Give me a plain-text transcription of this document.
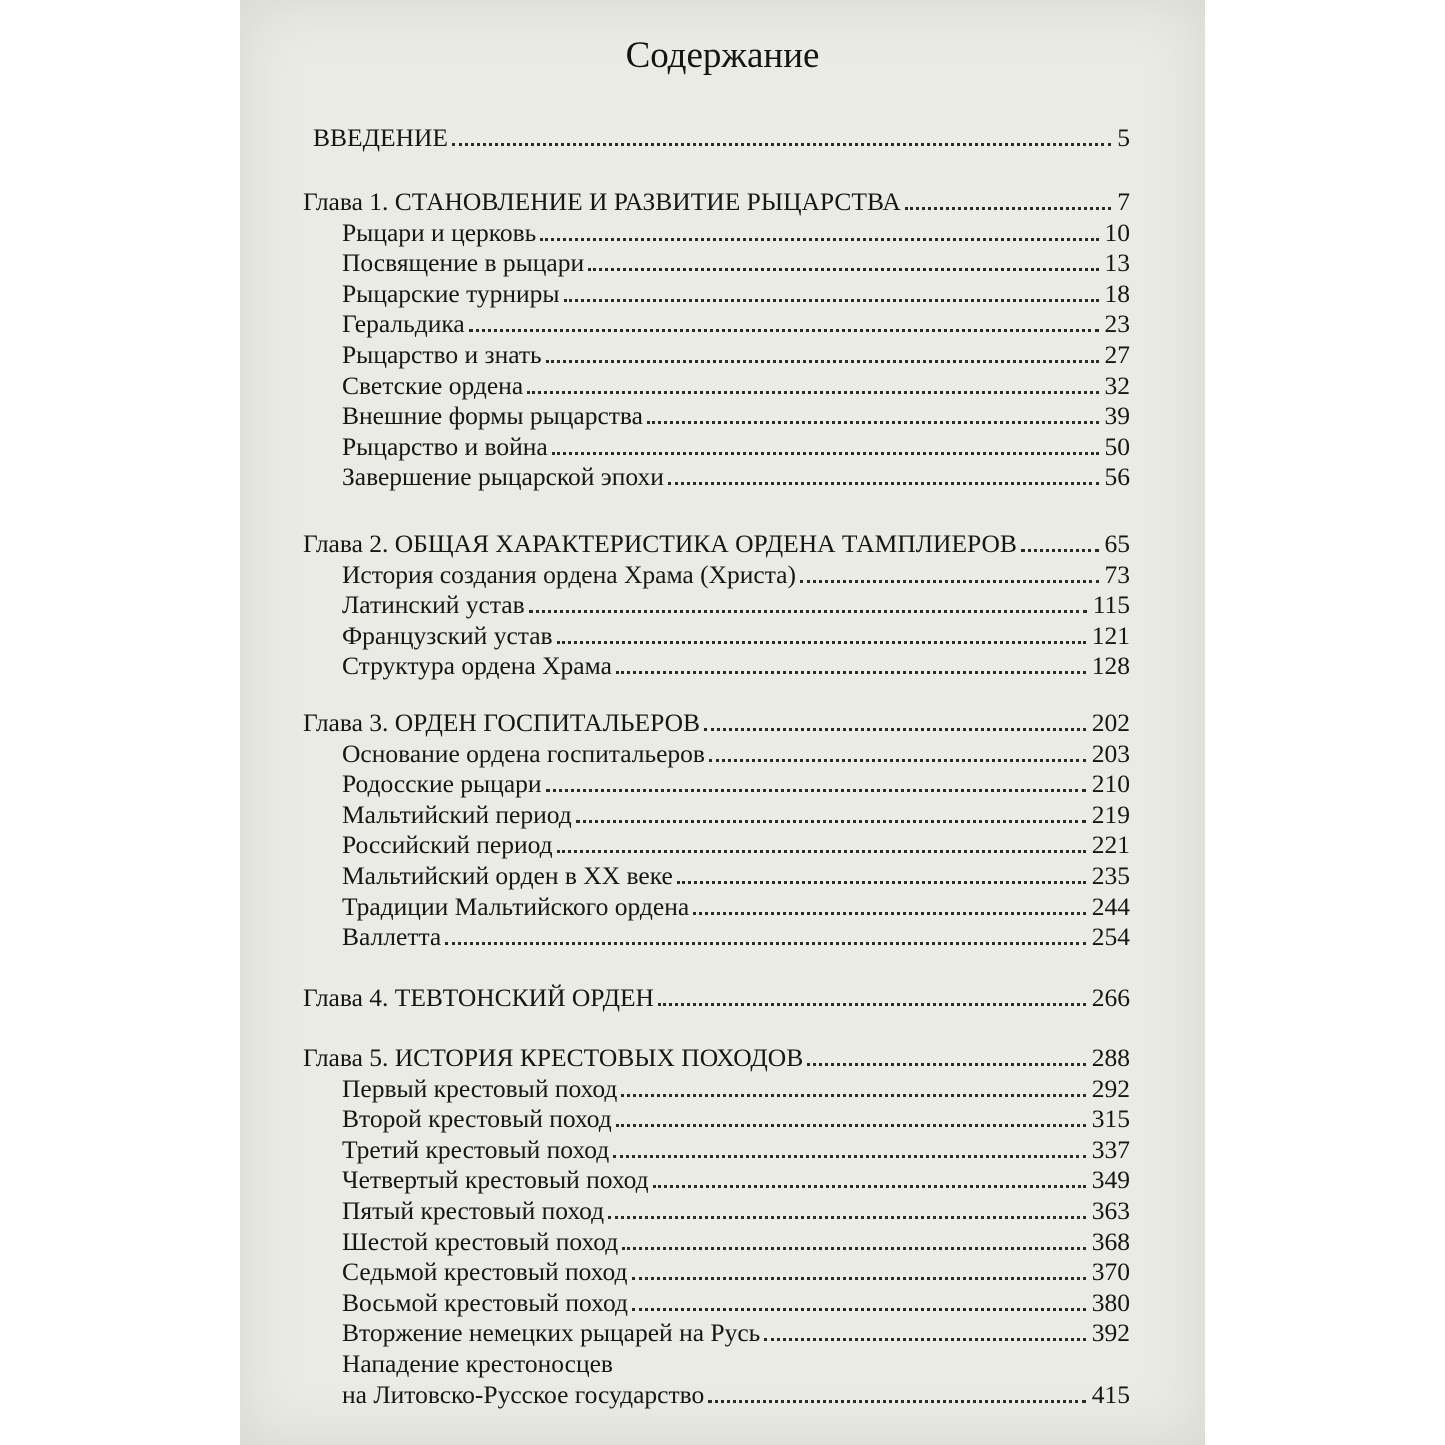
Содержание
ВВЕДЕНИЕ	5
Глава 1. СТАНОВЛЕНИЕ И РАЗВИТИЕ РЫЦАРСТВА	7
Рыцари и церковь	10
Посвящение в рыцари	13
Рыцарские турниры	18
Геральдика	23
Рыцарство и знать	27
Светские ордена	32
Внешние формы рыцарства	39
Рыцарство и война	50
Завершение рыцарской эпохи	56
Глава 2. ОБЩАЯ ХАРАКТЕРИСТИКА ОРДЕНА ТАМПЛИЕРОВ	65
История создания ордена Храма (Христа)	73
Латинский устав	115
Французский устав	121
Структура ордена Храма	128
Глава 3. ОРДЕН ГОСПИТАЛЬЕРОВ	202
Основание ордена госпитальеров	203
Родосские рыцари	210
Мальтийский период	219
Российский период	221
Мальтийский орден в XX веке	235
Традиции Мальтийского ордена	244
Валлетта	254
Глава 4. ТЕВТОНСКИЙ ОРДЕН	266
Глава 5. ИСТОРИЯ КРЕСТОВЫХ ПОХОДОВ	288
Первый крестовый поход	292
Второй крестовый поход	315
Третий крестовый поход	337
Четвертый крестовый поход	349
Пятый крестовый поход	363
Шестой крестовый поход	368
Седьмой крестовый поход	370
Восьмой крестовый поход	380
Вторжение немецких рыцарей на Русь	392
Нападение крестоносцев
на Литовско-Русское государство	415
